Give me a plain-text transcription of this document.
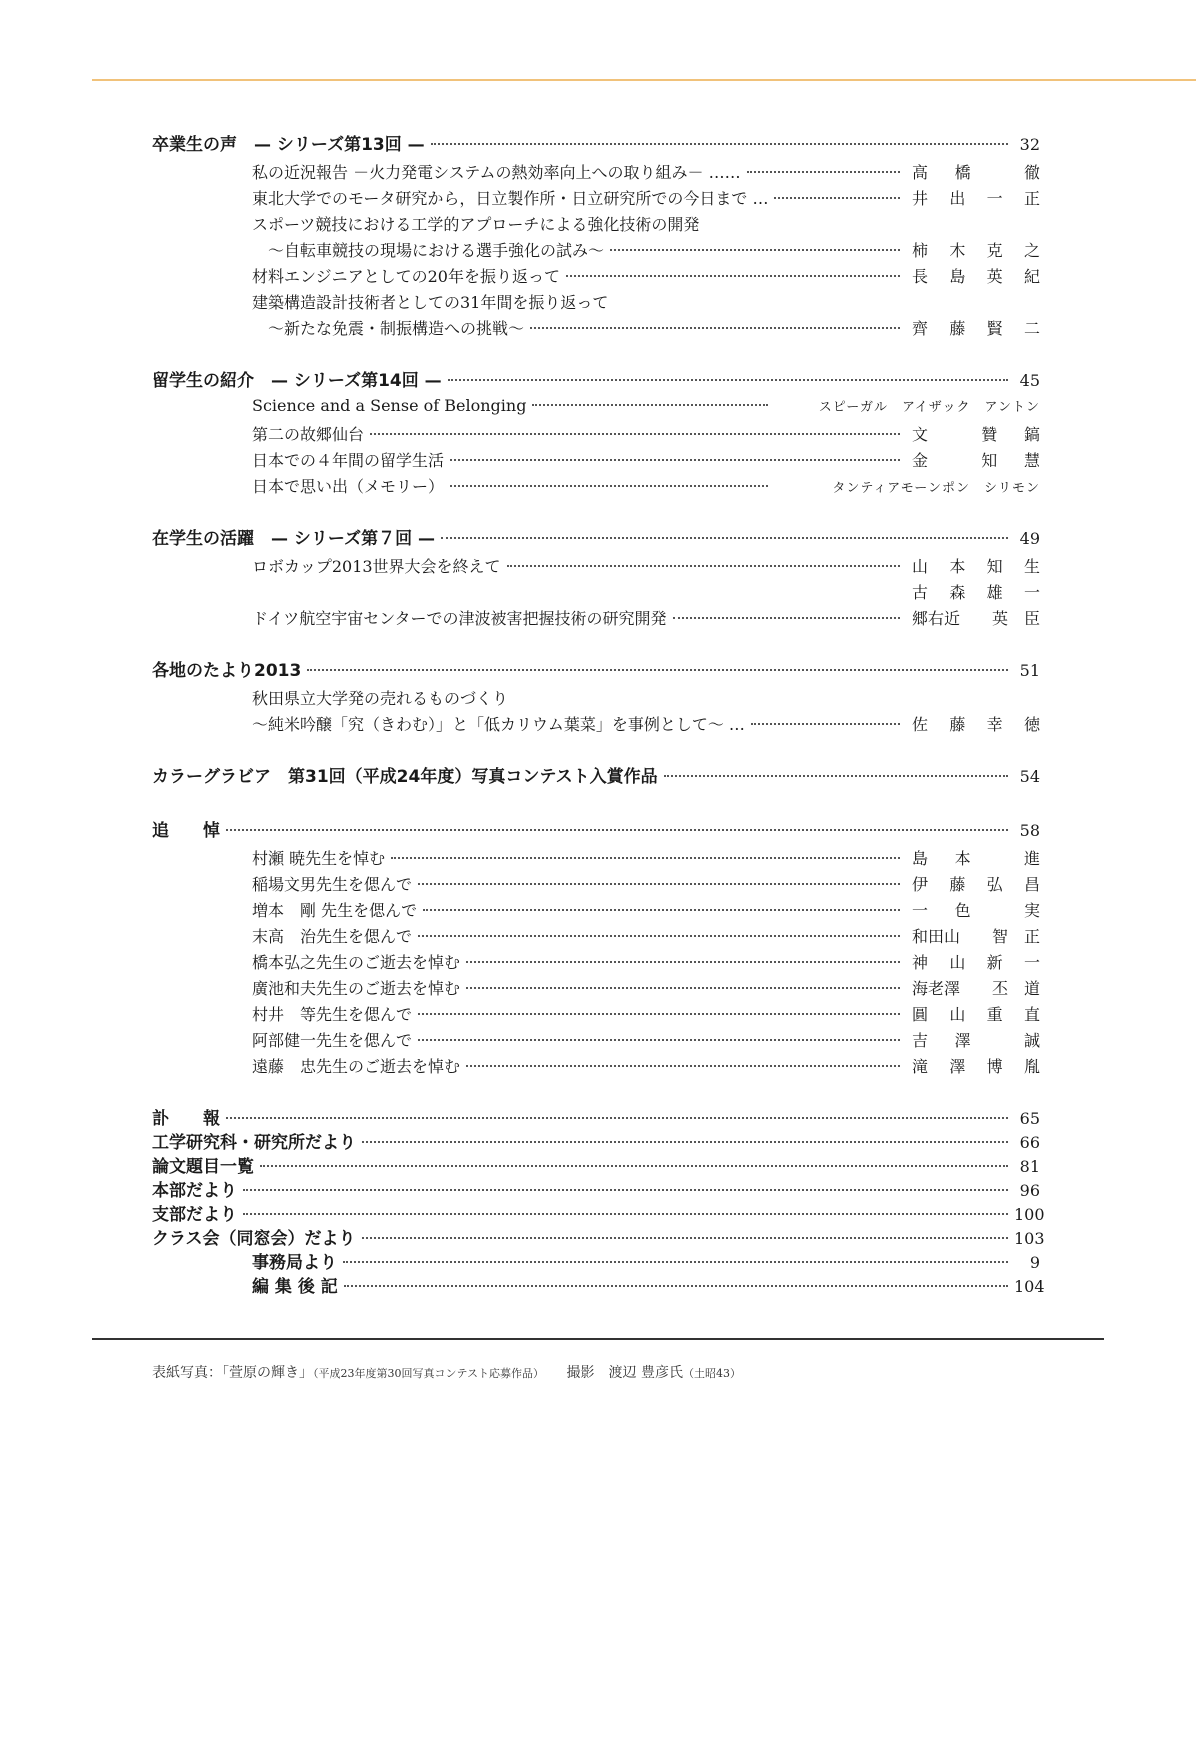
卒業生の声　— シリーズ第13回 —	32
私の近況報告 －火力発電システムの熱効率向上への取り組み－ ……	高 橋	徹
東北大学でのモータ研究から，日立製作所・日立研究所での今日まで …	井 出 一 正
スポーツ競技における工学的アプローチによる強化技術の開発
　～自転車競技の現場における選手強化の試み～	柿 木 克 之
材料エンジニアとしての20年を振り返って	長 島 英 紀
建築構造設計技術者としての31年間を振り返って
　～新たな免震・制振構造への挑戦～	齊 藤 賢 二
留学生の紹介　— シリーズ第14回 —	45
Science and a Sense of Belonging	スピーガル　アイザック　アントン
第二の故郷仙台	文	贊 鎬
日本での４年間の留学生活	金	知 慧
日本で思い出（メモリー）	タンティアモーンポン　シリモン
在学生の活躍　— シリーズ第７回 —	49
ロボカップ2013世界大会を終えて	山 本 知 生
古 森 雄 一
ドイツ航空宇宙センターでの津波被害把握技術の研究開発	郷右近 英 臣
各地のたより2013	51
秋田県立大学発の売れるものづくり
～純米吟醸「究（きわむ）」と「低カリウム葉菜」を事例として～ …	佐 藤 幸 徳
カラーグラビア　第31回（平成24年度）写真コンテスト入賞作品	54
追　　悼	58
村瀬 暁先生を悼む	島 本	進
稲場文男先生を偲んで	伊 藤 弘 昌
増本　剛 先生を偲んで	一 色	実
末高　治先生を偲んで	和田山 智 正
橋本弘之先生のご逝去を悼む	神 山 新 一
廣池和夫先生のご逝去を悼む	海老澤 丕 道
村井　等先生を偲んで	圓 山 重 直
阿部健一先生を偲んで	吉 澤	誠
遠藤　忠先生のご逝去を悼む	滝 澤 博 胤
訃　　報	65
工学研究科・研究所だより	66
論文題目一覧	81
本部だより	96
支部だより	100
クラス会（同窓会）だより	103
事務局より	9
編 集 後 記	104
表紙写真：「萱原の輝き」（平成23年度第30回写真コンテスト応募作品）　　撮影　渡辺 豊彦氏（土昭43）
